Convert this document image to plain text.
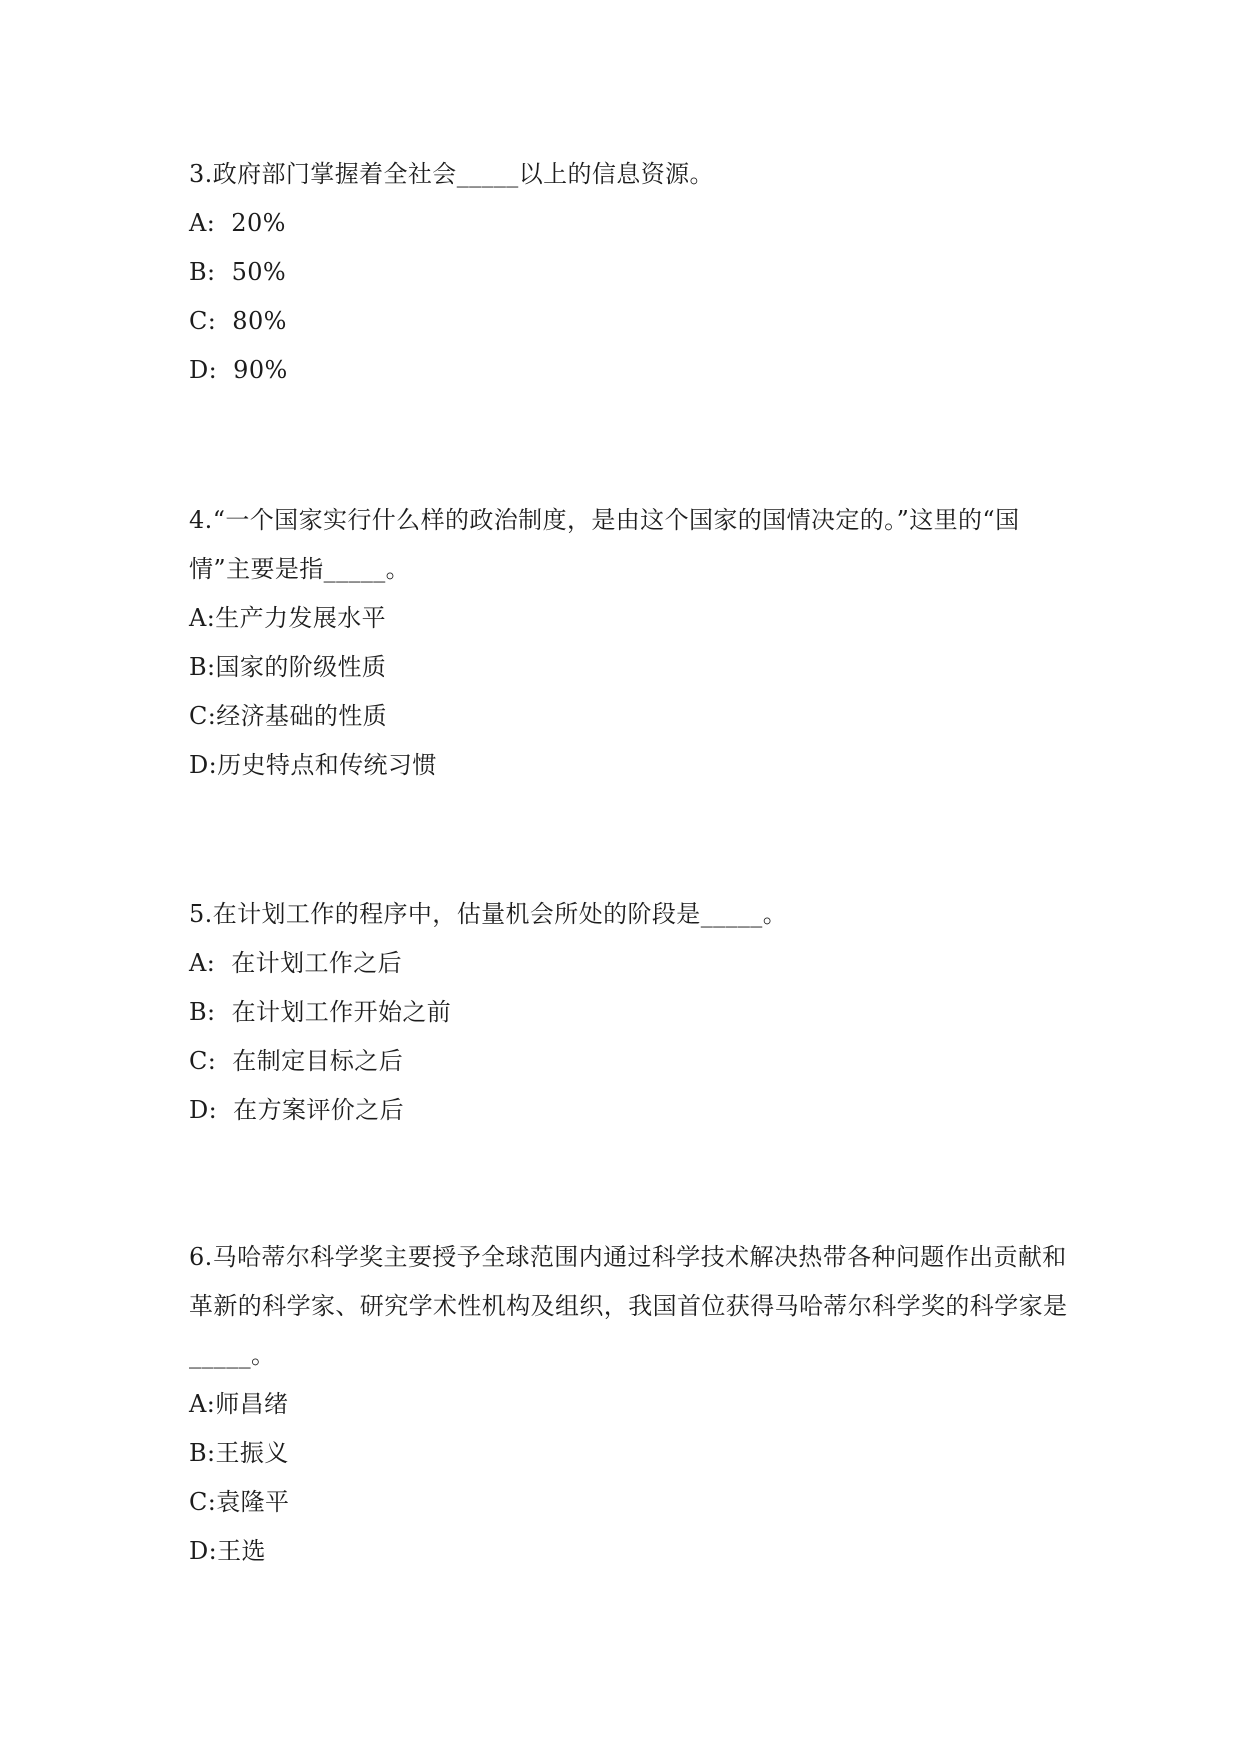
3.政府部门掌握着全社会_____以上的信息资源。

A:  20%

B:  50%

C:  80%

D:  90%

4.“一个国家实行什么样的政治制度，是由这个国家的国情决定的。”这里的“国情”主要是指_____。

A:生产力发展水平

B:国家的阶级性质

C:经济基础的性质

D:历史特点和传统习惯

5.在计划工作的程序中，估量机会所处的阶段是_____。

A:  在计划工作之后

B:  在计划工作开始之前

C:  在制定目标之后

D:  在方案评价之后

6.马哈蒂尔科学奖主要授予全球范围内通过科学技术解决热带各种问题作出贡献和革新的科学家、研究学术性机构及组织，我国首位获得马哈蒂尔科学奖的科学家是_____。

A:师昌绪

B:王振义

C:袁隆平

D:王选
